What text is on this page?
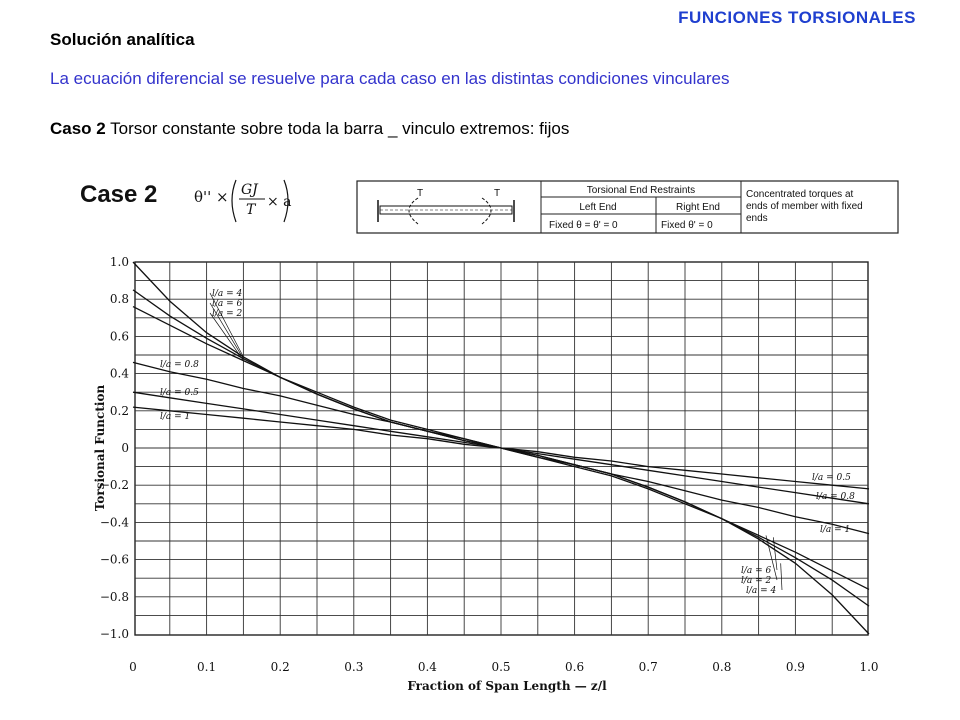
FUNCIONES TORSIONALES
Solución analítica
La ecuación diferencial se resuelve para cada caso en las distintas condiciones vinculares
Caso 2 Torsor constante sobre toda la barra _ vinculo extremos: fijos
Case 2 θ'' × GJ
T × a
Torsional End Restraints
Left End	Right End
Fixed θ = θ' = 0	Fixed θ' = 0
Concentrated torques at
ends of member with fixed
ends
T	T
0	0.1	0.2	0.3	0.4	0.5	0.6	0.7	0.8	0.9	1.0
1.0
0.8
0.6
0.4
0.2
0
−0.2
−0.4
−0.6
−0.8
−1.0
l/a = 4
l/a = 6
l/a = 2
l/a = 0.8
l/a = 0.5
l/a = 1
l/a = 0.5
l/a = 0.8
l/a = 1
l/a = 6
l/a = 2
l/a = 4
Fraction of Span Length — z/l
Torsional Function
